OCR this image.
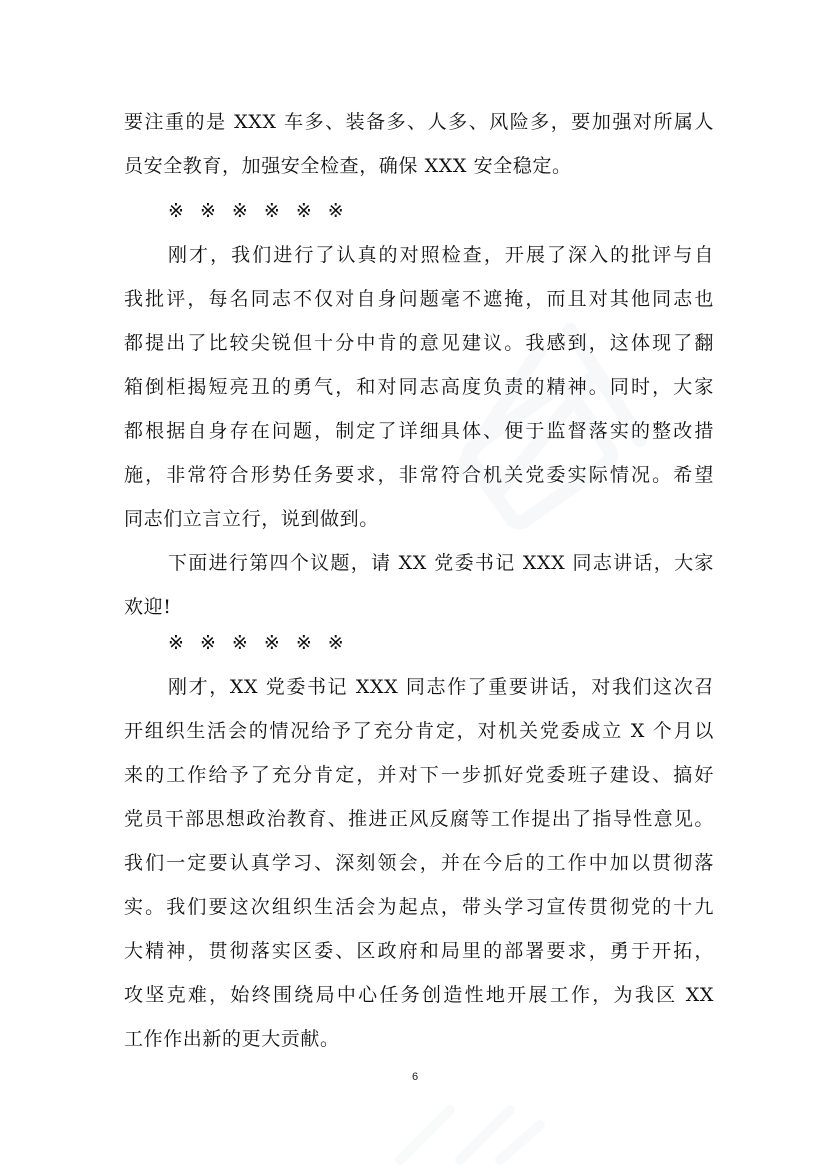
要注重的是 XXX 车多、装备多、人多、风险多，要加强对所属人
员安全教育，加强安全检查，确保 XXX 安全稳定。
※ ※ ※ ※ ※ ※
刚才，我们进行了认真的对照检查，开展了深入的批评与自
我批评，每名同志不仅对自身问题毫不遮掩，而且对其他同志也
都提出了比较尖锐但十分中肯的意见建议。我感到，这体现了翻
箱倒柜揭短亮丑的勇气，和对同志高度负责的精神。同时，大家
都根据自身存在问题，制定了详细具体、便于监督落实的整改措
施，非常符合形势任务要求，非常符合机关党委实际情况。希望
同志们立言立行，说到做到。
下面进行第四个议题，请 XX 党委书记 XXX 同志讲话，大家
欢迎!
※ ※ ※ ※ ※ ※
刚才，XX 党委书记 XXX 同志作了重要讲话，对我们这次召
开组织生活会的情况给予了充分肯定，对机关党委成立 X 个月以
来的工作给予了充分肯定，并对下一步抓好党委班子建设、搞好
党员干部思想政治教育、推进正风反腐等工作提出了指导性意见。
我们一定要认真学习、深刻领会，并在今后的工作中加以贯彻落
实。我们要这次组织生活会为起点，带头学习宣传贯彻党的十九
大精神，贯彻落实区委、区政府和局里的部署要求，勇于开拓，
攻坚克难，始终围绕局中心任务创造性地开展工作，为我区 XX
工作作出新的更大贡献。
6
